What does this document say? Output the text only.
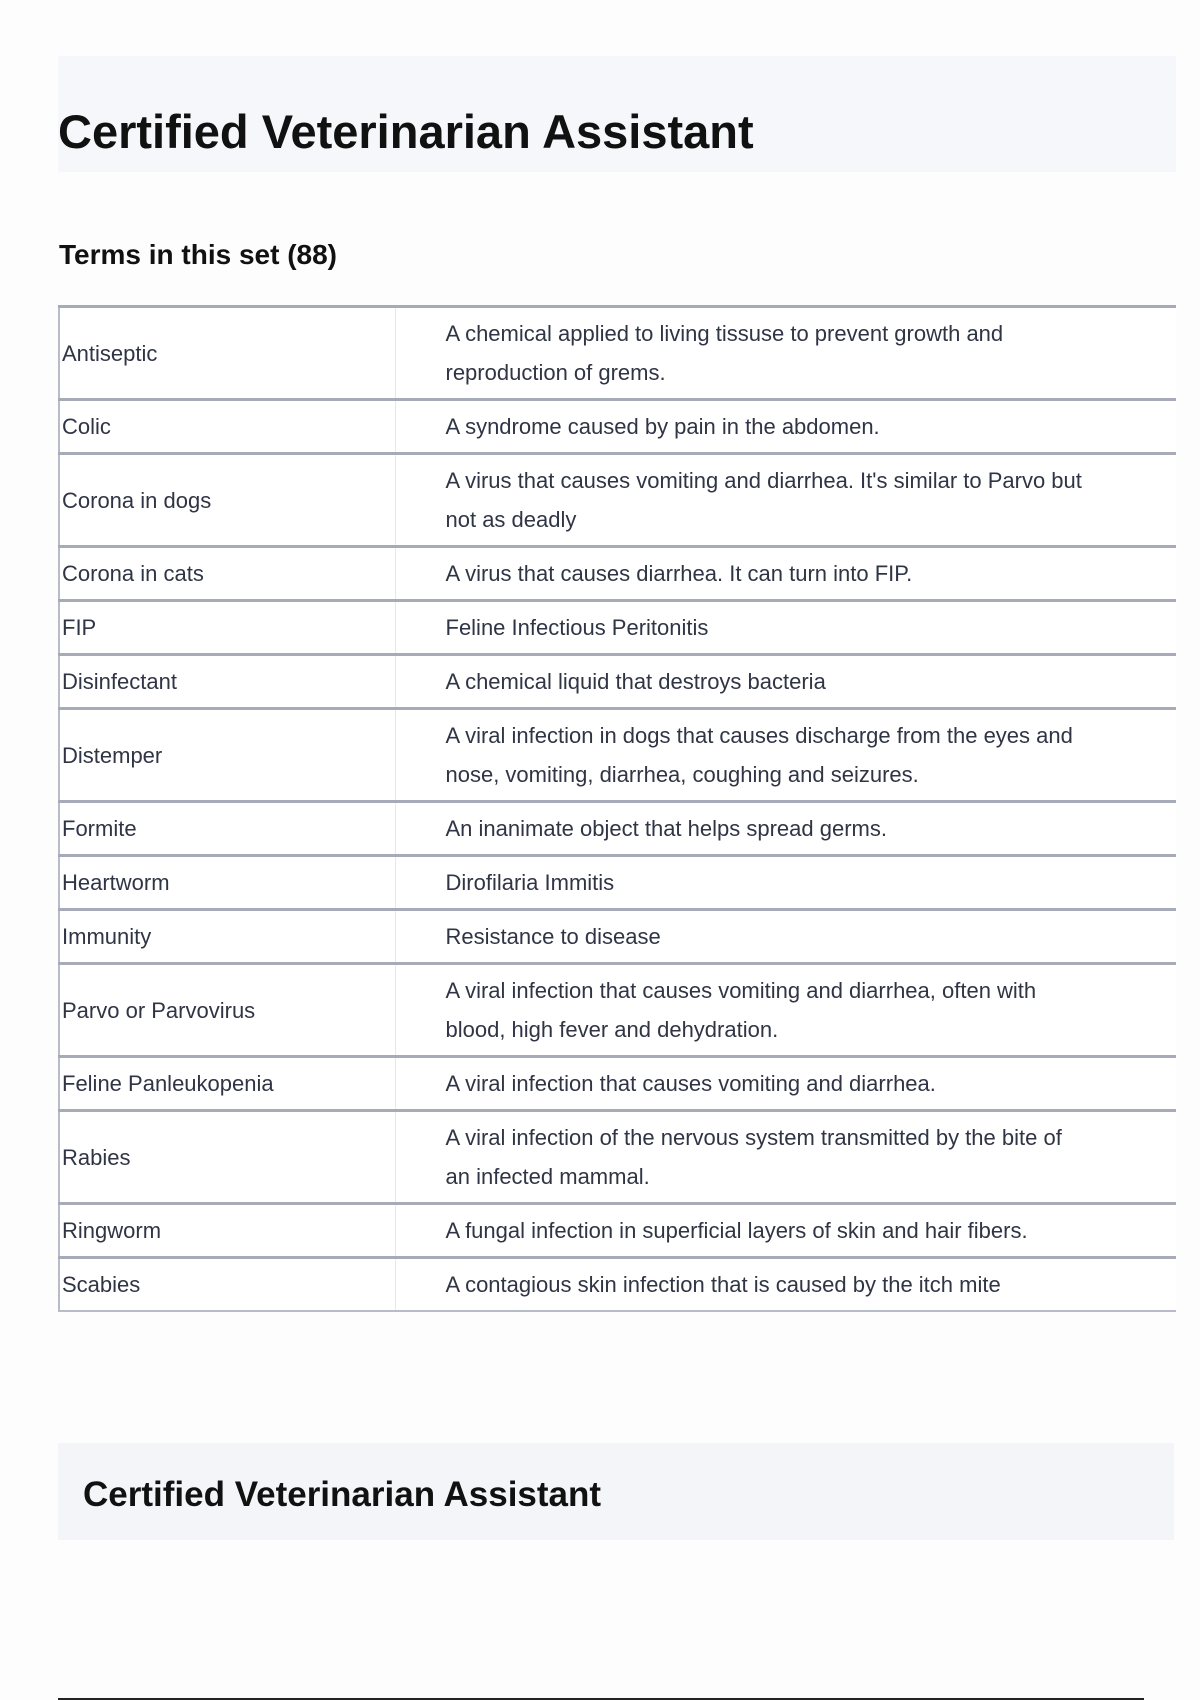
Certified Veterinarian Assistant
Terms in this set (88)
Antiseptic	A chemical applied to living tissuse to prevent growth and reproduction of grems.
Colic	A syndrome caused by pain in the abdomen.
Corona in dogs	A virus that causes vomiting and diarrhea. It's similar to Parvo but not as deadly
Corona in cats	A virus that causes diarrhea. It can turn into FIP.
FIP	Feline Infectious Peritonitis
Disinfectant	A chemical liquid that destroys bacteria
Distemper	A viral infection in dogs that causes discharge from the eyes and nose, vomiting, diarrhea, coughing and seizures.
Formite	An inanimate object that helps spread germs.
Heartworm	Dirofilaria Immitis
Immunity	Resistance to disease
Parvo or Parvovirus	A viral infection that causes vomiting and diarrhea, often with blood, high fever and dehydration.
Feline Panleukopenia	A viral infection that causes vomiting and diarrhea.
Rabies	A viral infection of the nervous system transmitted by the bite of an infected mammal.
Ringworm	A fungal infection in superficial layers of skin and hair fibers.
Scabies	A contagious skin infection that is caused by the itch mite
Certified Veterinarian Assistant
